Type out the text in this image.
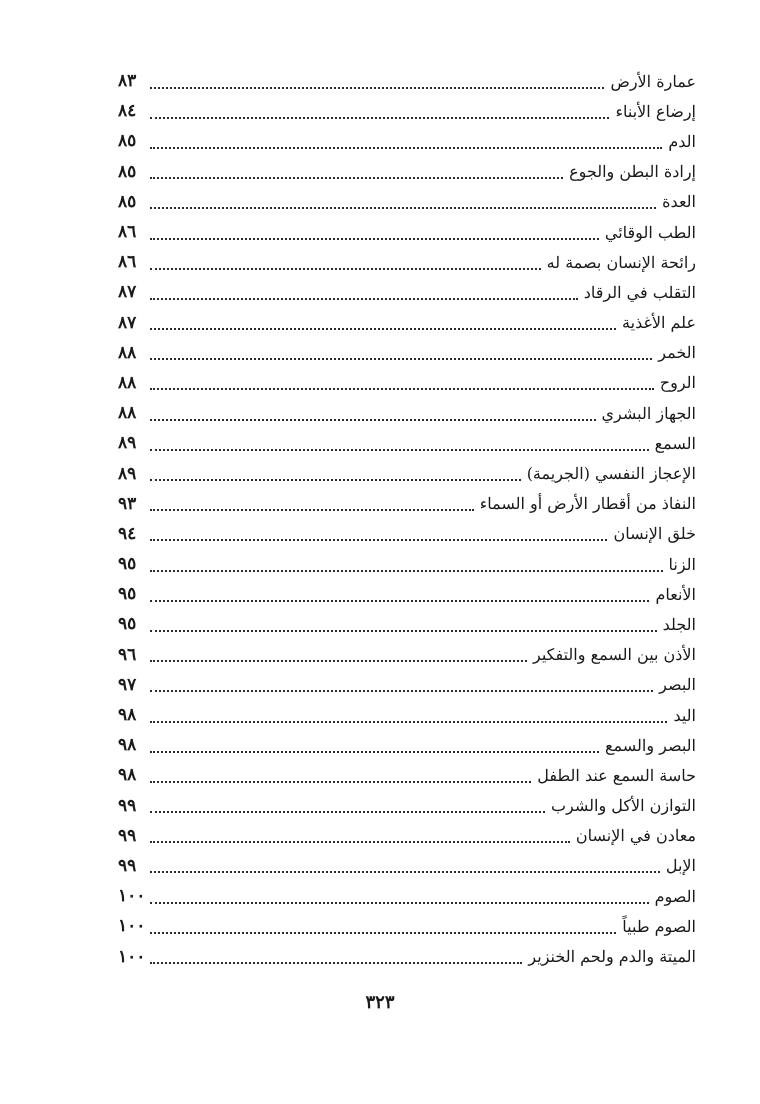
عمارة الأرض
٨٣
إرضاع الأبناء
٨٤
الدم
٨٥
إرادة البطن والجوع
٨٥
العدة
٨٥
الطب الوقائي
٨٦
رائحة الإنسان بصمة له
٨٦
التقلب في الرقاد
٨٧
علم الأغذية
٨٧
الخمر
٨٨
الروح
٨٨
الجهاز البشري
٨٨
السمع
٨٩
الإعجاز النفسي (الجريمة)
٨٩
النفاذ من أقطار الأرض أو السماء
٩٣
خلق الإنسان
٩٤
الزنا
٩٥
الأنعام
٩٥
الجلد
٩٥
الأذن بين السمع والتفكير
٩٦
البصر
٩٧
اليد
٩٨
البصر والسمع
٩٨
حاسة السمع عند الطفل
٩٨
التوازن الأكل والشرب
٩٩
معادن في الإنسان
٩٩
الإبل
٩٩
الصوم
١٠٠
الصوم طبياً
١٠٠
الميتة والدم ولحم الخنزير
١٠٠
٣٢٣
